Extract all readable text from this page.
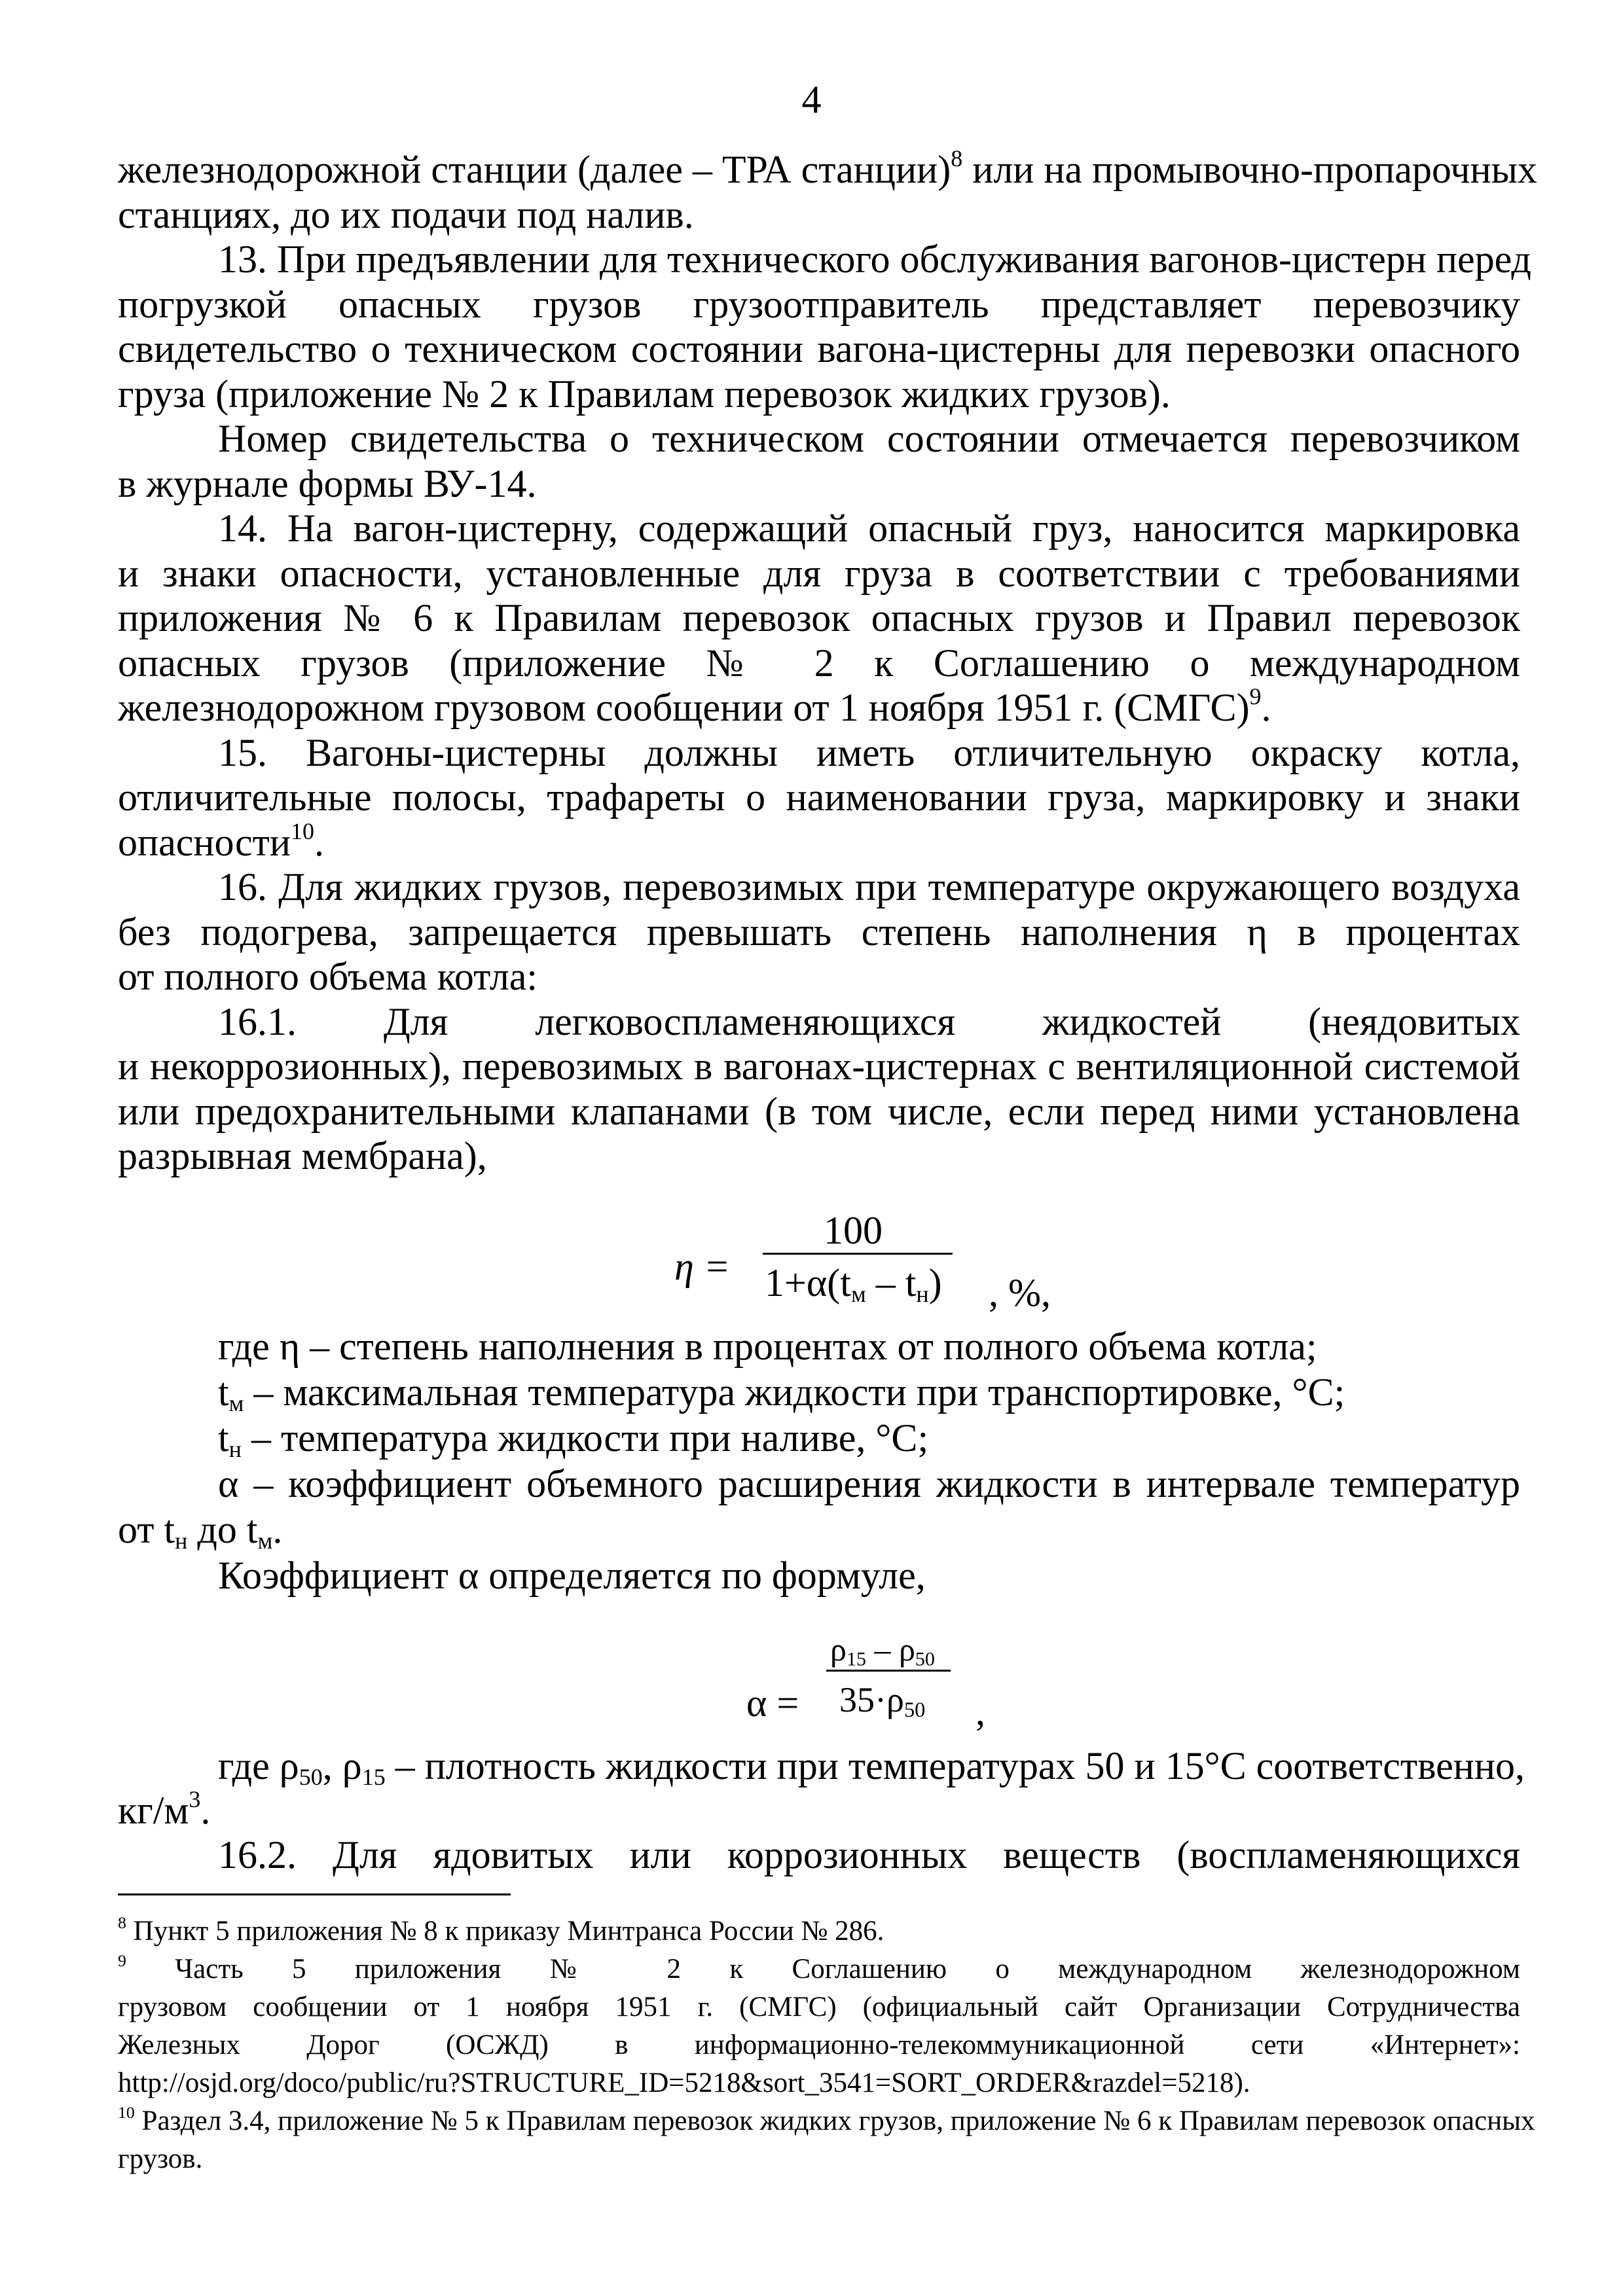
4
железнодорожной станции (далее – ТРА станции)$^8$ или на промывочно-пропарочных
станциях, до их подачи под налив.
13. При предъявлении для технического обслуживания вагонов-цистерн перед
погрузкой опасных грузов грузоотправитель представляет перевозчику
свидетельство о техническом состоянии вагона-цистерны для перевозки опасного
груза (приложение № 2 к Правилам перевозок жидких грузов).
Номер свидетельства о техническом состоянии отмечается перевозчиком
в журнале формы ВУ-14.
14. На вагон-цистерну, содержащий опасный груз, наносится маркировка
и знаки опасности, установленные для груза в соответствии с требованиями
приложения № 6 к Правилам перевозок опасных грузов и Правил перевозок
опасных грузов (приложение № 2 к Соглашению о международном
железнодорожном грузовом сообщении от 1 ноября 1951 г. (СМГС)$^9$.
15. Вагоны-цистерны должны иметь отличительную окраску котла,
отличительные полосы, трафареты о наименовании груза, маркировку и знаки
опасности$^{10}$.
16. Для жидких грузов, перевозимых при температуре окружающего воздуха
без подогрева, запрещается превышать степень наполнения η в процентах
от полного объема котла:
16.1. Для легковоспламеняющихся жидкостей (неядовитых
и некоррозионных), перевозимых в вагонах-цистернах с вентиляционной системой
или предохранительными клапанами (в том числе, если перед ними установлена
разрывная мембрана),
η =
100
$1+\alpha(t_м - t_н)$ , %,
где η – степень наполнения в процентах от полного объема котла;
$t_м$ – максимальная температура жидкости при транспортировке, °С;
$t_н$ – температура жидкости при наливе, °С;
α – коэффициент объемного расширения жидкости в интервале температур
от $t_н$ до $t_м$.
Коэффициент α определяется по формуле,
α =
$\rho_{15} - \rho_{50}$
$35\cdot\rho_{50}$ ,
где $\rho_{50}$, $\rho_{15}$ – плотность жидкости при температурах 50 и 15°С соответственно,
$кг/м^3$.
16.2. Для ядовитых или коррозионных веществ (воспламеняющихся
$^8$ Пункт 5 приложения № 8 к приказу Минтранса России № 286.
$^9$ Часть 5 приложения № 2 к Соглашению о международном железнодорожном
грузовом сообщении от 1 ноября 1951 г. (СМГС) (официальный сайт Организации Сотрудничества
Железных Дорог (ОСЖД) в информационно-телекоммуникационной сети «Интернет»:
http://osjd.org/doco/public/ru?STRUCTURE_ID=5218&sort_3541=SORT_ORDER&razdel=5218).
$^{10}$ Раздел 3.4, приложение № 5 к Правилам перевозок жидких грузов, приложение № 6 к Правилам перевозок опасных
грузов.
